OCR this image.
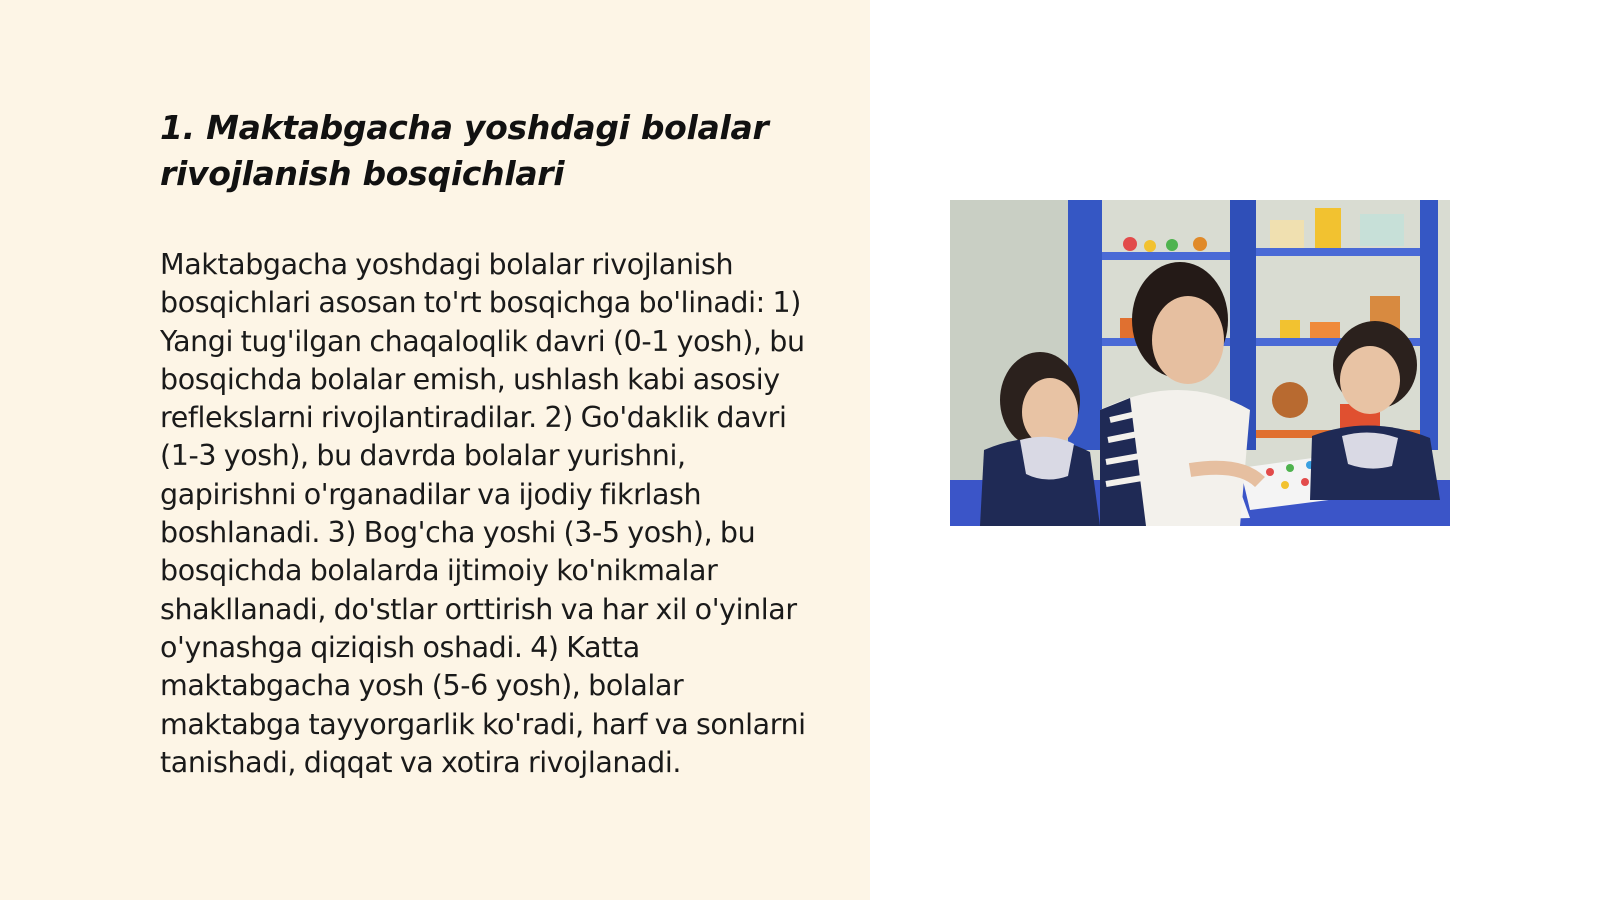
1. Maktabgacha yoshdagi bolalar rivojlanish bosqichlari

Maktabgacha yoshdagi bolalar rivojlanish bosqichlari asosan to'rt bosqichga bo'linadi: 1) Yangi tug'ilgan chaqaloqlik davri (0-1 yosh), bu bosqichda bolalar emish, ushlash kabi asosiy reflekslarni rivojlantiradilar. 2) Go'daklik davri (1-3 yosh), bu davrda bolalar yurishni, gapirishni o'rganadilar va ijodiy fikrlash boshlanadi. 3) Bog'cha yoshi (3-5 yosh), bu bosqichda bolalarda ijtimoiy ko'nikmalar shakllanadi, do'stlar orttirish va har xil o'yinlar o'ynashga qiziqish oshadi. 4) Katta maktabgacha yosh (5-6 yosh), bolalar maktabga tayyorgarlik ko'radi, harf va sonlarni tanishadi, diqqat va xotira rivojlanadi.
